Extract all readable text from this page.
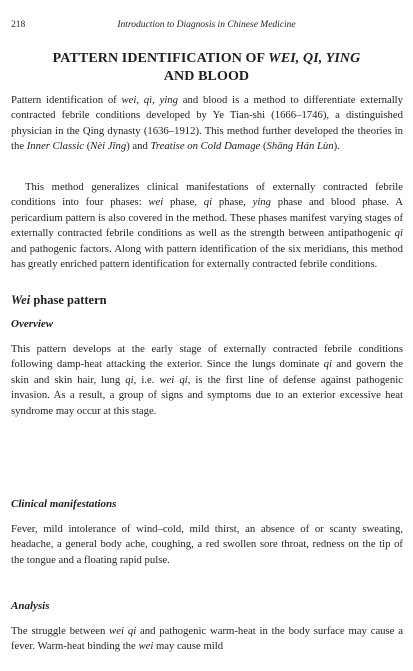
218	Introduction to Diagnosis in Chinese Medicine
PATTERN IDENTIFICATION OF WEI, QI, YING
AND BLOOD

Pattern identification of wei, qì, ying and blood is a method to differentiate externally contracted febrile conditions developed by Ye Tian-shi (1666–1746), a distinguished physician in the Qing dynasty (1636–1912). This method further developed the theories in the Inner Classic (Nèi Jīng) and Treatise on Cold Damage (Shāng Hán Lùn).

This method generalizes clinical manifestations of externally contracted febrile conditions into four phases: wei phase, qi phase, ying phase and blood phase. A pericardium pattern is also covered in the method. These phases manifest varying stages of externally contracted febrile conditions as well as the strength between antipathogenic qi and pathogenic factors. Along with pattern identification of the six meridians, this method has greatly enriched pattern identification for externally contracted febrile conditions.

Wei phase pattern
Overview

This pattern develops at the early stage of externally contracted febrile conditions following damp-heat attacking the exterior. Since the lungs dominate qi and govern the skin and skin hair, lung qi, i.e. wei qi, is the first line of defense against pathogenic invasion. As a result, a group of signs and symptoms due to an exterior excessive heat syndrome may occur at this stage.

Clinical manifestations

Fever, mild intolerance of wind–cold, mild thirst, an absence of or scanty sweating, headache, a general body ache, coughing, a red swollen sore throat, redness on the tip of the tongue and a floating rapid pulse.

Analysis

The struggle between wei qi and pathogenic warm-heat in the body surface may cause a fever. Warm-heat binding the wei may cause mild
